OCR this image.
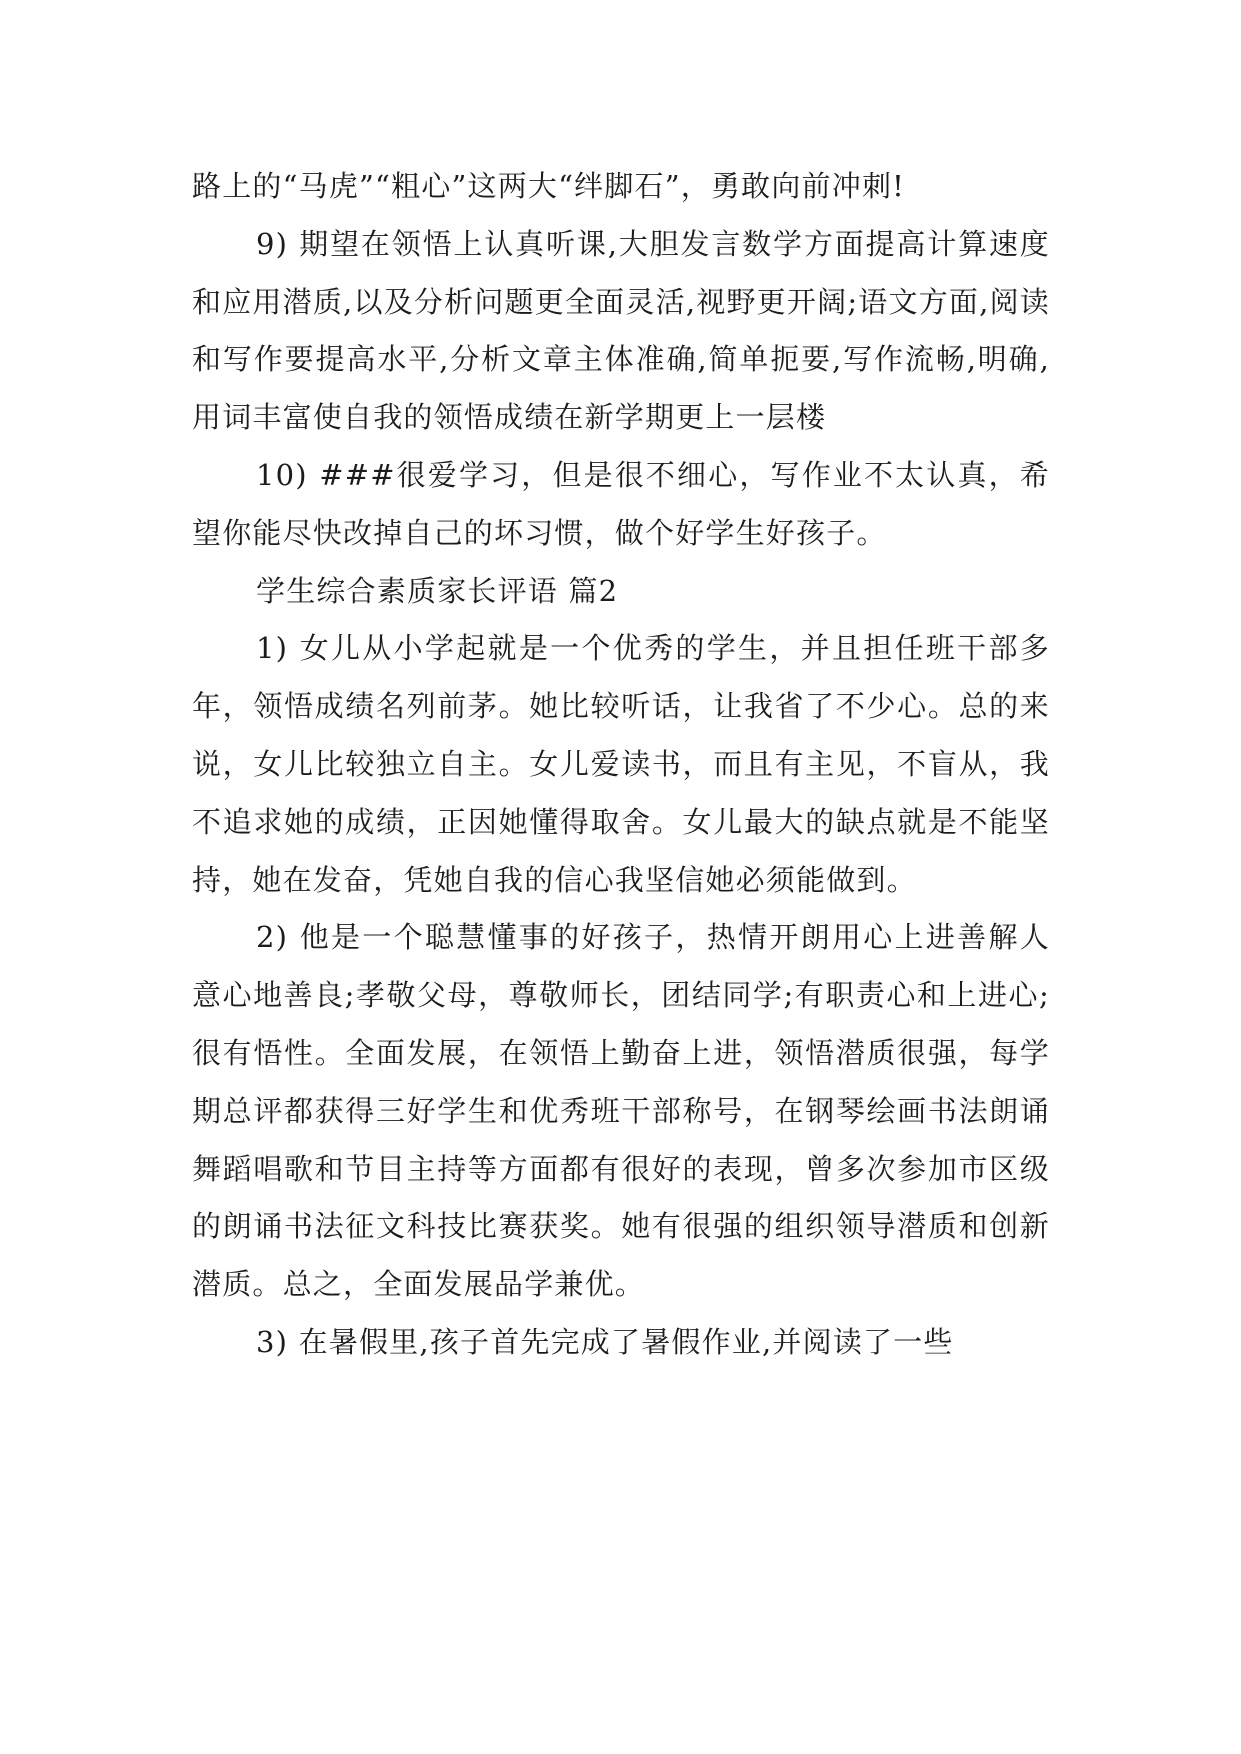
路上的“马虎”“粗心”这两大“绊脚石”，勇敢向前冲刺!

9) 期望在领悟上认真听课,大胆发言数学方面提高计算速度和应用潜质,以及分析问题更全面灵活,视野更开阔;语文方面,阅读和写作要提高水平,分析文章主体准确,简单扼要,写作流畅,明确,用词丰富使自我的领悟成绩在新学期更上一层楼

10) ###很爱学习，但是很不细心，写作业不太认真，希望你能尽快改掉自己的坏习惯，做个好学生好孩子。

学生综合素质家长评语 篇2

1) 女儿从小学起就是一个优秀的学生，并且担任班干部多年，领悟成绩名列前茅。她比较听话，让我省了不少心。总的来说，女儿比较独立自主。女儿爱读书，而且有主见，不盲从，我不追求她的成绩，正因她懂得取舍。女儿最大的缺点就是不能坚持，她在发奋，凭她自我的信心我坚信她必须能做到。

2) 他是一个聪慧懂事的好孩子，热情开朗用心上进善解人意心地善良;孝敬父母，尊敬师长，团结同学;有职责心和上进心;很有悟性。全面发展，在领悟上勤奋上进，领悟潜质很强，每学期总评都获得三好学生和优秀班干部称号，在钢琴绘画书法朗诵舞蹈唱歌和节目主持等方面都有很好的表现，曾多次参加市区级的朗诵书法征文科技比赛获奖。她有很强的组织领导潜质和创新潜质。总之，全面发展品学兼优。

3) 在暑假里,孩子首先完成了暑假作业,并阅读了一些
